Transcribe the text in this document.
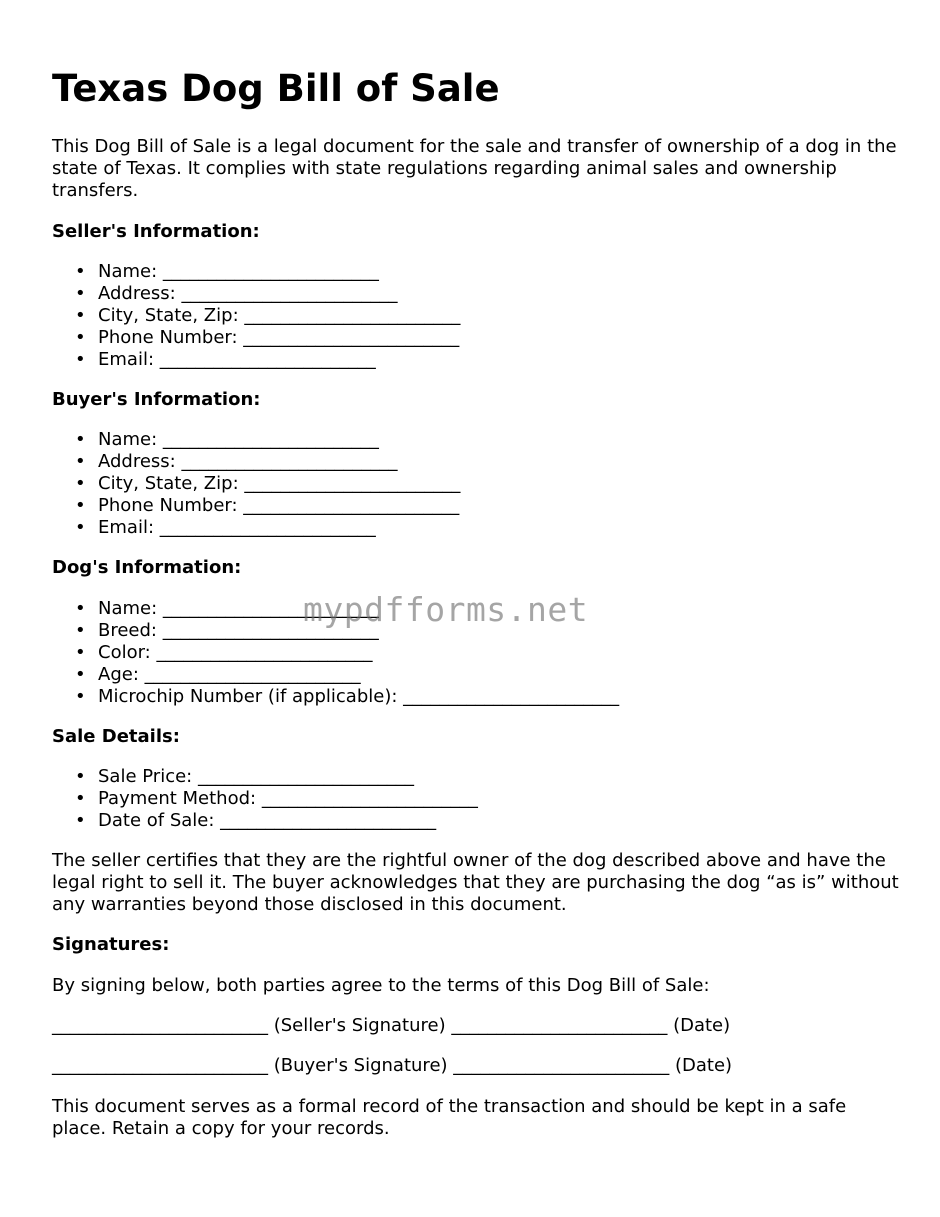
Texas Dog Bill of Sale

This Dog Bill of Sale is a legal document for the sale and transfer of ownership of a dog in the state of Texas. It complies with state regulations regarding animal sales and ownership transfers.

Seller's Information:

• Name: ________________________
• Address: ________________________
• City, State, Zip: ________________________
• Phone Number: ________________________
• Email: ________________________

Buyer's Information:

• Name: ________________________
• Address: ________________________
• City, State, Zip: ________________________
• Phone Number: ________________________
• Email: ________________________

Dog's Information:

• Name: ________________________
• Breed: ________________________
• Color: ________________________
• Age: ________________________
• Microchip Number (if applicable): ________________________

Sale Details:

• Sale Price: ________________________
• Payment Method: ________________________
• Date of Sale: ________________________

The seller certifies that they are the rightful owner of the dog described above and have the legal right to sell it. The buyer acknowledges that they are purchasing the dog “as is” without any warranties beyond those disclosed in this document.

Signatures:

By signing below, both parties agree to the terms of this Dog Bill of Sale:

________________________ (Seller's Signature) ________________________ (Date)

________________________ (Buyer's Signature) ________________________ (Date)

This document serves as a formal record of the transaction and should be kept in a safe place. Retain a copy for your records.

mypdfforms.net
